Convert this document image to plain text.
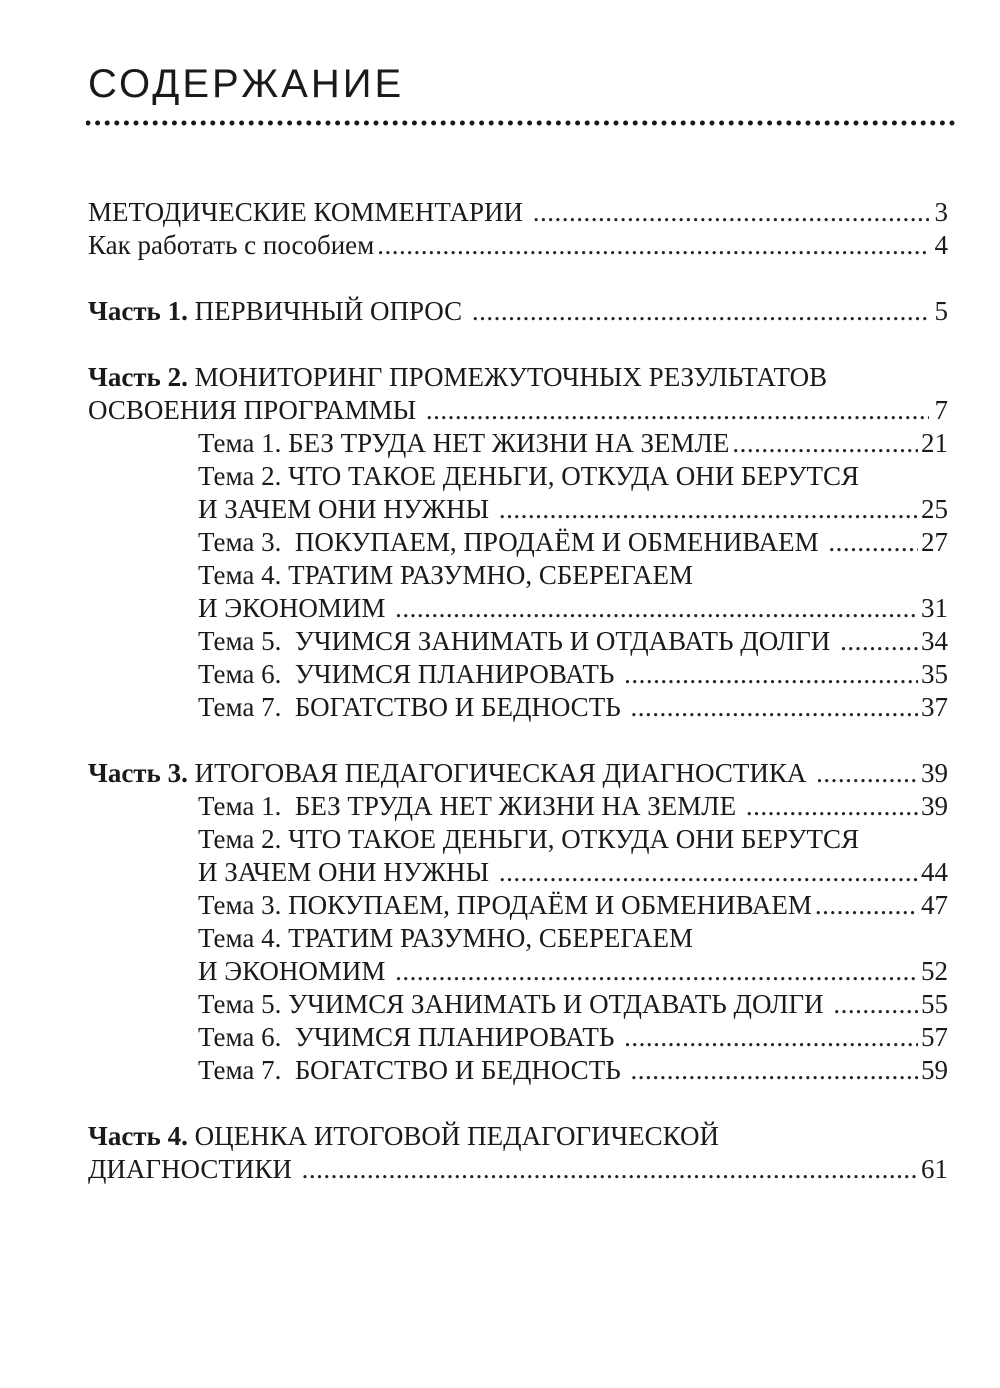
СОДЕРЖАНИЕ
МЕТОДИЧЕСКИЕ КОММЕНТАРИИ .....	3
Как работать с пособием .....	4
Часть 1. ПЕРВИЧНЫЙ ОПРОС .....	5
Часть 2. МОНИТОРИНГ ПРОМЕЖУТОЧНЫХ РЕЗУЛЬТАТОВ
ОСВОЕНИЯ ПРОГРАММЫ .....	7
Тема 1. БЕЗ ТРУДА НЕТ ЖИЗНИ НА ЗЕМЛЕ .....	21
Тема 2. ЧТО ТАКОЕ ДЕНЬГИ, ОТКУДА ОНИ БЕРУТСЯ
И ЗАЧЕМ ОНИ НУЖНЫ .....	25
Тема 3.  ПОКУПАЕМ, ПРОДАЁМ И ОБМЕНИВАЕМ .....	27
Тема 4. ТРАТИМ РАЗУМНО, СБЕРЕГАЕМ
И ЭКОНОМИМ .....	31
Тема 5.  УЧИМСЯ ЗАНИМАТЬ И ОТДАВАТЬ ДОЛГИ .....	34
Тема 6.  УЧИМСЯ ПЛАНИРОВАТЬ .....	35
Тема 7.  БОГАТСТВО И БЕДНОСТЬ .....	37
Часть 3. ИТОГОВАЯ ПЕДАГОГИЧЕСКАЯ ДИАГНОСТИКА .....	39
Тема 1.  БЕЗ ТРУДА НЕТ ЖИЗНИ НА ЗЕМЛЕ .....	39
Тема 2. ЧТО ТАКОЕ ДЕНЬГИ, ОТКУДА ОНИ БЕРУТСЯ
И ЗАЧЕМ ОНИ НУЖНЫ .....	44
Тема 3. ПОКУПАЕМ, ПРОДАЁМ И ОБМЕНИВАЕМ .....	47
Тема 4. ТРАТИМ РАЗУМНО, СБЕРЕГАЕМ
И ЭКОНОМИМ .....	52
Тема 5. УЧИМСЯ ЗАНИМАТЬ И ОТДАВАТЬ ДОЛГИ .....	55
Тема 6.  УЧИМСЯ ПЛАНИРОВАТЬ .....	57
Тема 7.  БОГАТСТВО И БЕДНОСТЬ .....	59
Часть 4. ОЦЕНКА ИТОГОВОЙ ПЕДАГОГИЧЕСКОЙ
ДИАГНОСТИКИ .....	61
